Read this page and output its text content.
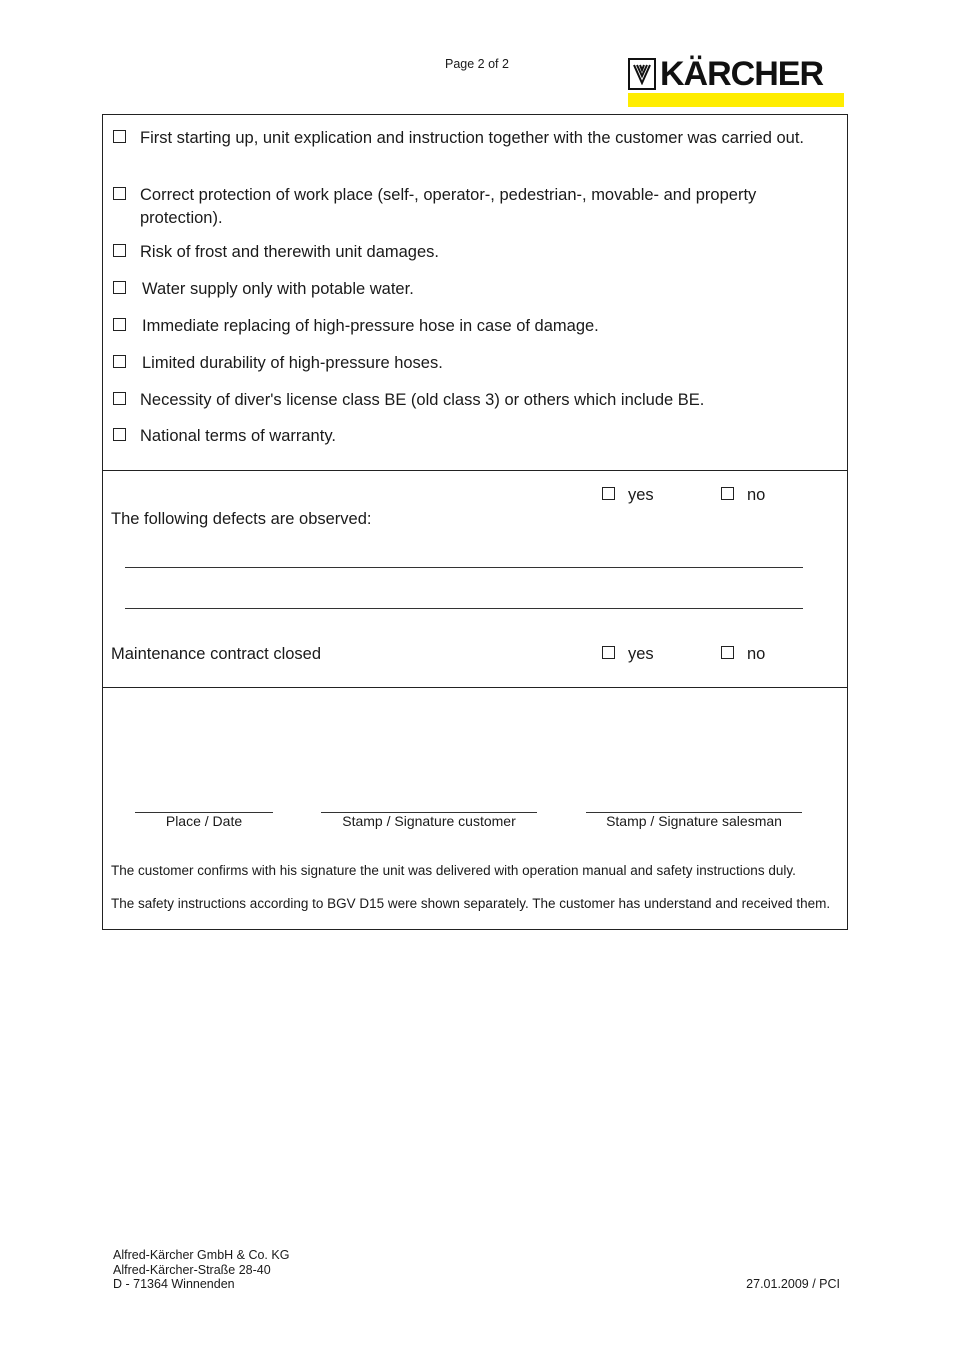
Page 2 of 2	KÄRCHER
First starting up, unit explication and instruction together with the customer was carried out.
Correct protection of work place (self-, operator-, pedestrian-, movable- and property protection).
Risk of frost and therewith unit damages.
Water supply only with potable water.
Immediate replacing of high-pressure hose in case of damage.
Limited durability of high-pressure hoses.
Necessity of diver's license class BE (old class 3) or others which include BE.
National terms of warranty.
yes	no
The following defects are observed:
Maintenance contract closed	yes	no
Place / Date	Stamp / Signature customer	Stamp / Signature salesman
The customer confirms with his signature the unit was delivered with operation manual and safety instructions duly.
The safety instructions according to BGV D15 were shown separately. The customer has understand and received them.
Alfred-Kärcher GmbH & Co. KG
Alfred-Kärcher-Straße 28-40
D - 71364 Winnenden	27.01.2009 / PCI
